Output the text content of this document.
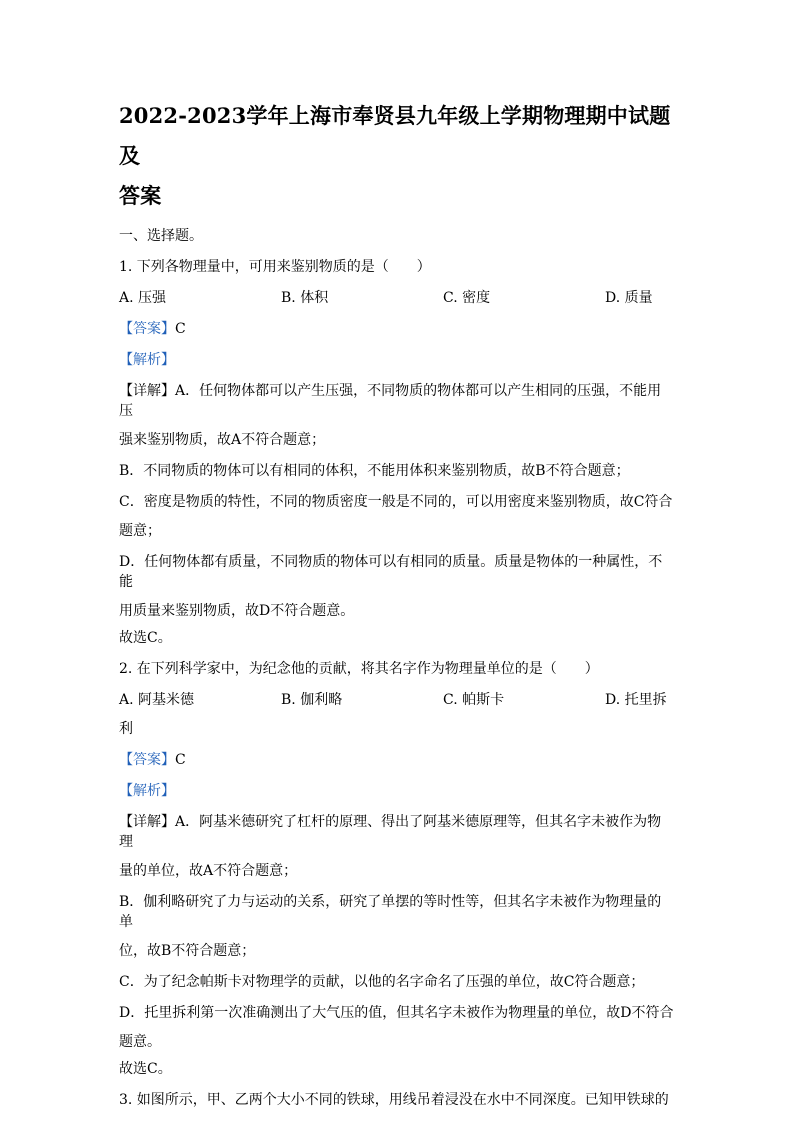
2022-2023学年上海市奉贤县九年级上学期物理期中试题及
答案

一、选择题。

1. 下列各物理量中，可用来鉴别物质的是（　　）

A. 压强	B. 体积	C. 密度	D. 质量

【答案】C

【解析】

【详解】A．任何物体都可以产生压强，不同物质的物体都可以产生相同的压强，不能用压

强来鉴别物质，故A不符合题意；

B．不同物质的物体可以有相同的体积，不能用体积来鉴别物质，故B不符合题意；

C．密度是物质的特性，不同的物质密度一般是不同的，可以用密度来鉴别物质，故C符合

题意；

D．任何物体都有质量，不同物质的物体可以有相同的质量。质量是物体的一种属性，不能

用质量来鉴别物质，故D不符合题意。

故选C。

2. 在下列科学家中，为纪念他的贡献，将其名字作为物理量单位的是（　　）

A. 阿基米德	B. 伽利略	C. 帕斯卡	D. 托里拆

利

【答案】C

【解析】

【详解】A．阿基米德研究了杠杆的原理、得出了阿基米德原理等，但其名字未被作为物理

量的单位，故A不符合题意；

B．伽利略研究了力与运动的关系，研究了单摆的等时性等，但其名字未被作为物理量的单

位，故B不符合题意；

C．为了纪念帕斯卡对物理学的贡献，以他的名字命名了压强的单位，故C符合题意；

D．托里拆利第一次准确测出了大气压的值，但其名字未被作为物理量的单位，故D不符合

题意。

故选C。

3. 如图所示，甲、乙两个大小不同的铁球，用线吊着浸没在水中不同深度。已知甲铁球的
